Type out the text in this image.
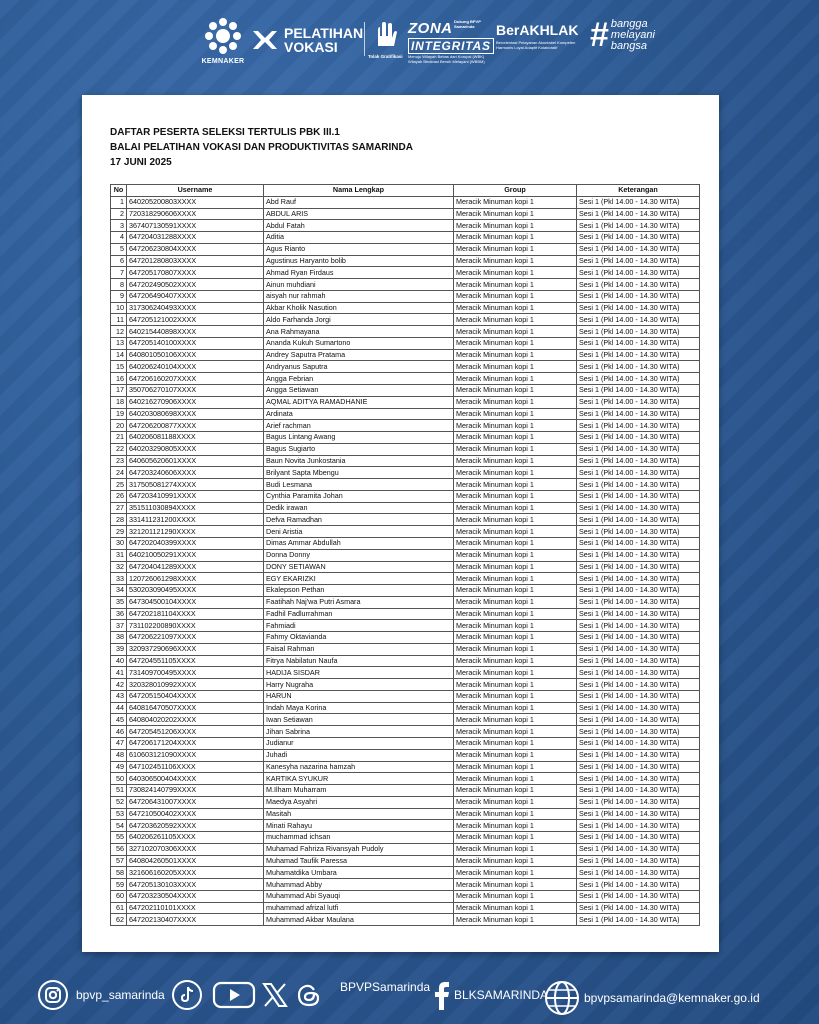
KEMNAKER
PELATIHAN
VOKASI
Tolak Gratifikasi
ZONA Dukung BPVP Samarinda
INTEGRITAS
Menuju Wilayah Bebas dari Korupsi (WBK) Wilayah Birokrasi Bersih Melayani (WBBM)
BerAKHLAK
Berorientasi Pelayanan Akuntabel Kompeten Harmonis Loyal Adaptif Kolaboratif # bangga
melayani
bangsa
DAFTAR PESERTA SELEKSI TERTULIS PBK III.1
BALAI PELATIHAN VOKASI DAN PRODUKTIVITAS SAMARINDA
17 JUNI 2025
No	Username	Nama Lengkap	Group	Keterangan
1	640205200803XXXX	Abd Rauf	Meracik Minuman kopi 1	Sesi 1 (Pkl 14.00 - 14.30 WITA)
2	720318290606XXXX	ABDUL ARIS	Meracik Minuman kopi 1	Sesi 1 (Pkl 14.00 - 14.30 WITA)
3	367407130591XXXX	Abdul Fatah	Meracik Minuman kopi 1	Sesi 1 (Pkl 14.00 - 14.30 WITA)
4	647204031288XXXX	Aditia	Meracik Minuman kopi 1	Sesi 1 (Pkl 14.00 - 14.30 WITA)
5	647206230804XXXX	Agus Rianto	Meracik Minuman kopi 1	Sesi 1 (Pkl 14.00 - 14.30 WITA)
6	647201280803XXXX	Agustinus Haryanto bolib	Meracik Minuman kopi 1	Sesi 1 (Pkl 14.00 - 14.30 WITA)
7	647205170807XXXX	Ahmad Ryan Firdaus	Meracik Minuman kopi 1	Sesi 1 (Pkl 14.00 - 14.30 WITA)
8	647202490502XXXX	Ainun muhdiani	Meracik Minuman kopi 1	Sesi 1 (Pkl 14.00 - 14.30 WITA)
9	647206490407XXXX	aisyah nur rahmah	Meracik Minuman kopi 1	Sesi 1 (Pkl 14.00 - 14.30 WITA)
10	317306240493XXXX	Akbar Kholik Nasution	Meracik Minuman kopi 1	Sesi 1 (Pkl 14.00 - 14.30 WITA)
11	647205121002XXXX	Aldo Farhanda Jorgi	Meracik Minuman kopi 1	Sesi 1 (Pkl 14.00 - 14.30 WITA)
12	640215440898XXXX	Ana Rahmayana	Meracik Minuman kopi 1	Sesi 1 (Pkl 14.00 - 14.30 WITA)
13	647205140100XXXX	Ananda Kukuh Sumartono	Meracik Minuman kopi 1	Sesi 1 (Pkl 14.00 - 14.30 WITA)
14	640801050106XXXX	Andrey Saputra Pratama	Meracik Minuman kopi 1	Sesi 1 (Pkl 14.00 - 14.30 WITA)
15	640206240104XXXX	Andryanus Saputra	Meracik Minuman kopi 1	Sesi 1 (Pkl 14.00 - 14.30 WITA)
16	647206160207XXXX	Angga Febrian	Meracik Minuman kopi 1	Sesi 1 (Pkl 14.00 - 14.30 WITA)
17	350706270107XXXX	Angga Setiawan	Meracik Minuman kopi 1	Sesi 1 (Pkl 14.00 - 14.30 WITA)
18	640216270906XXXX	AQMAL ADITYA RAMADHANIE	Meracik Minuman kopi 1	Sesi 1 (Pkl 14.00 - 14.30 WITA)
19	640203080698XXXX	Ardinata	Meracik Minuman kopi 1	Sesi 1 (Pkl 14.00 - 14.30 WITA)
20	647206200877XXXX	Arief rachman	Meracik Minuman kopi 1	Sesi 1 (Pkl 14.00 - 14.30 WITA)
21	640206081188XXXX	Bagus Lintang Awang	Meracik Minuman kopi 1	Sesi 1 (Pkl 14.00 - 14.30 WITA)
22	640203290805XXXX	Bagus Sugiarto	Meracik Minuman kopi 1	Sesi 1 (Pkl 14.00 - 14.30 WITA)
23	640605620601XXXX	Baun Novita Junkostania	Meracik Minuman kopi 1	Sesi 1 (Pkl 14.00 - 14.30 WITA)
24	647203240606XXXX	Brilyant Sapta Mbengu	Meracik Minuman kopi 1	Sesi 1 (Pkl 14.00 - 14.30 WITA)
25	317505081274XXXX	Budi Lesmana	Meracik Minuman kopi 1	Sesi 1 (Pkl 14.00 - 14.30 WITA)
26	647203410991XXXX	Cynthia Paramita Johan	Meracik Minuman kopi 1	Sesi 1 (Pkl 14.00 - 14.30 WITA)
27	351511030894XXXX	Dedik irawan	Meracik Minuman kopi 1	Sesi 1 (Pkl 14.00 - 14.30 WITA)
28	331411231200XXXX	Defva Ramadhan	Meracik Minuman kopi 1	Sesi 1 (Pkl 14.00 - 14.30 WITA)
29	321201121290XXXX	Deni Aristia	Meracik Minuman kopi 1	Sesi 1 (Pkl 14.00 - 14.30 WITA)
30	647202040399XXXX	Dimas Ammar Abdullah	Meracik Minuman kopi 1	Sesi 1 (Pkl 14.00 - 14.30 WITA)
31	640210050291XXXX	Donna Donny	Meracik Minuman kopi 1	Sesi 1 (Pkl 14.00 - 14.30 WITA)
32	647204041289XXXX	DONY SETIAWAN	Meracik Minuman kopi 1	Sesi 1 (Pkl 14.00 - 14.30 WITA)
33	120726061298XXXX	EGY EKARIZKI	Meracik Minuman kopi 1	Sesi 1 (Pkl 14.00 - 14.30 WITA)
34	530203090495XXXX	Ekalepson Pethan	Meracik Minuman kopi 1	Sesi 1 (Pkl 14.00 - 14.30 WITA)
35	647304500104XXXX	Faatihah Naj'wa Putri Asmara	Meracik Minuman kopi 1	Sesi 1 (Pkl 14.00 - 14.30 WITA)
36	647202181104XXXX	Fadhil Fadlurrahman	Meracik Minuman kopi 1	Sesi 1 (Pkl 14.00 - 14.30 WITA)
37	731102200890XXXX	Fahmiadi	Meracik Minuman kopi 1	Sesi 1 (Pkl 14.00 - 14.30 WITA)
38	647206221097XXXX	Fahmy Oktavianda	Meracik Minuman kopi 1	Sesi 1 (Pkl 14.00 - 14.30 WITA)
39	320937290696XXXX	Faisal Rahman	Meracik Minuman kopi 1	Sesi 1 (Pkl 14.00 - 14.30 WITA)
40	647204551105XXXX	Fitrya Nabilatun Naufa	Meracik Minuman kopi 1	Sesi 1 (Pkl 14.00 - 14.30 WITA)
41	731409700495XXXX	HADIJA SISDAR	Meracik Minuman kopi 1	Sesi 1 (Pkl 14.00 - 14.30 WITA)
42	320328010992XXXX	Harry Nugraha	Meracik Minuman kopi 1	Sesi 1 (Pkl 14.00 - 14.30 WITA)
43	647205150404XXXX	HARUN	Meracik Minuman kopi 1	Sesi 1 (Pkl 14.00 - 14.30 WITA)
44	640816470507XXXX	Indah Maya Korina	Meracik Minuman kopi 1	Sesi 1 (Pkl 14.00 - 14.30 WITA)
45	640804020202XXXX	Iwan Setiawan	Meracik Minuman kopi 1	Sesi 1 (Pkl 14.00 - 14.30 WITA)
46	647205451206XXXX	Jihan Sabrina	Meracik Minuman kopi 1	Sesi 1 (Pkl 14.00 - 14.30 WITA)
47	647206171204XXXX	Judianur	Meracik Minuman kopi 1	Sesi 1 (Pkl 14.00 - 14.30 WITA)
48	610603121090XXXX	Juhadi	Meracik Minuman kopi 1	Sesi 1 (Pkl 14.00 - 14.30 WITA)
49	647102451106XXXX	Kanesyha nazarina hamzah	Meracik Minuman kopi 1	Sesi 1 (Pkl 14.00 - 14.30 WITA)
50	640306500404XXXX	KARTIKA SYUKUR	Meracik Minuman kopi 1	Sesi 1 (Pkl 14.00 - 14.30 WITA)
51	730824140799XXXX	M.Ilham Muharram	Meracik Minuman kopi 1	Sesi 1 (Pkl 14.00 - 14.30 WITA)
52	647206431007XXXX	Maedya Asyahri	Meracik Minuman kopi 1	Sesi 1 (Pkl 14.00 - 14.30 WITA)
53	647210500402XXXX	Masitah	Meracik Minuman kopi 1	Sesi 1 (Pkl 14.00 - 14.30 WITA)
54	647203620592XXXX	Minati Rahayu	Meracik Minuman kopi 1	Sesi 1 (Pkl 14.00 - 14.30 WITA)
55	640206261105XXXX	muchammad ichsan	Meracik Minuman kopi 1	Sesi 1 (Pkl 14.00 - 14.30 WITA)
56	327102070306XXXX	Muhamad Fahriza Rivansyah Pudoly	Meracik Minuman kopi 1	Sesi 1 (Pkl 14.00 - 14.30 WITA)
57	640804260501XXXX	Muhamad Taufik Paressa	Meracik Minuman kopi 1	Sesi 1 (Pkl 14.00 - 14.30 WITA)
58	321606160205XXXX	Muhamatdika Umbara	Meracik Minuman kopi 1	Sesi 1 (Pkl 14.00 - 14.30 WITA)
59	647205130103XXXX	Muhammad Abby	Meracik Minuman kopi 1	Sesi 1 (Pkl 14.00 - 14.30 WITA)
60	647203230504XXXX	Muhammad Abi Syauqi	Meracik Minuman kopi 1	Sesi 1 (Pkl 14.00 - 14.30 WITA)
61	647202110101XXXX	muhammad afrizal lutfi	Meracik Minuman kopi 1	Sesi 1 (Pkl 14.00 - 14.30 WITA)
62	647202130407XXXX	Muhammad Akbar Maulana	Meracik Minuman kopi 1	Sesi 1 (Pkl 14.00 - 14.30 WITA)
bpvp_samarinda
BPVPSamarinda
BLKSAMARINDA	bpvpsamarinda@kemnaker.go.id
